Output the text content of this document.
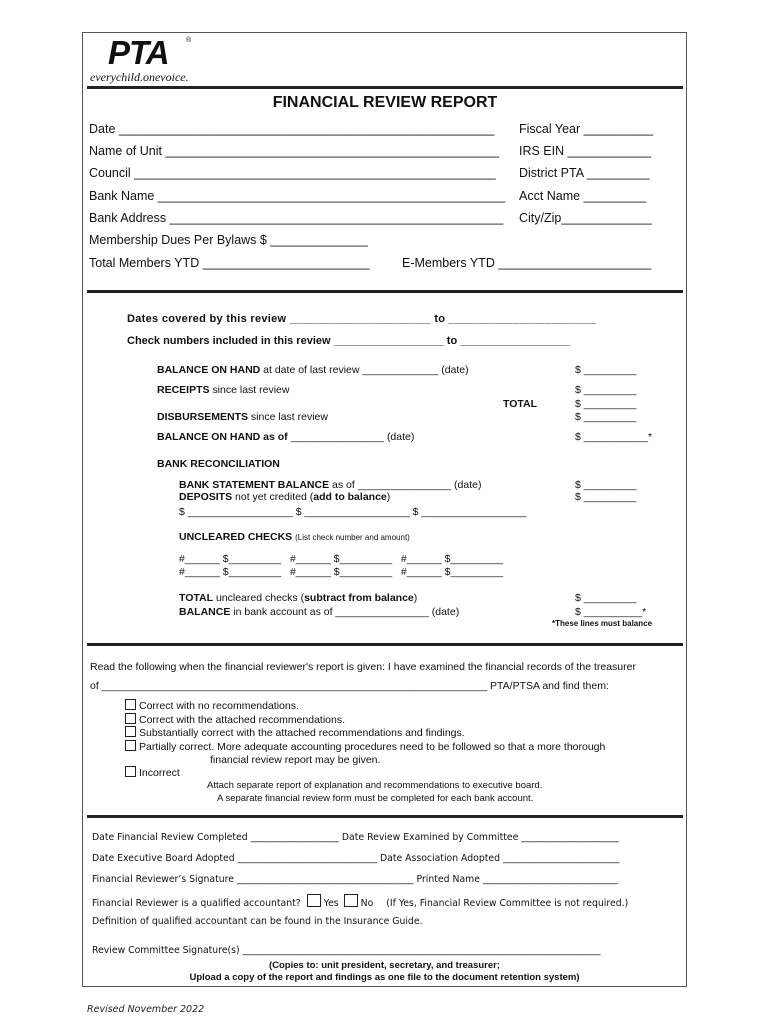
PTA ®
everychild.onevoice.
FINANCIAL REVIEW REPORT
Date ______________________________________________________ Fiscal Year __________
Name of Unit ________________________________________________ IRS EIN ____________
Council ____________________________________________________ District PTA _________
Bank Name __________________________________________________ Acct Name _________
Bank Address ________________________________________________ City/Zip_____________
Membership Dues Per Bylaws $ ______________
Total Members YTD ________________________	E-Members YTD ______________________
Dates covered by this review ______________________ to _______________________
Check numbers included in this review __________________ to __________________
BALANCE ON HAND at date of last review _____________ (date)	$ _________
RECEIPTS since last review	$ _________
TOTAL	$ _________
DISBURSEMENTS since last review	$ _________
BALANCE ON HAND as of ________________ (date)	$ ___________*
BANK RECONCILIATION
BANK STATEMENT BALANCE as of ________________ (date)	$ _________
DEPOSITS not yet credited (add to balance)	$ _________
$ __________________ $ __________________ $ __________________
UNCLEARED CHECKS (List check number and amount)
#______ $_________   #______ $_________   #______ $_________
#______ $_________   #______ $_________   #______ $_________
TOTAL uncleared checks (subtract from balance)	$ _________
BALANCE in bank account as of ________________ (date)	$ __________*
*These lines must balance
Read the following when the financial reviewer's report is given: I have examined the financial records of the treasurer
of __________________________________________________________________ PTA/PTSA and find them:
Correct with no recommendations.
Correct with the attached recommendations.
Substantially correct with the attached recommendations and findings.
Partially correct. More adequate accounting procedures need to be followed so that a more thorough
financial review report may be given.
Incorrect
Attach separate report of explanation and recommendations to executive board.
A separate financial review form must be completed for each bank account.
Date Financial Review Completed ___________________ Date Review Examined by Committee _____________________
Date Executive Board Adopted ______________________________ Date Association Adopted _________________________
Financial Reviewer’s Signature ______________________________________ Printed Name _____________________________
Financial Reviewer is a qualified accountant? Yes No (If Yes, Financial Review Committee is not required.)
Definition of qualified accountant can be found in the Insurance Guide.
Review Committee Signature(s) _____________________________________________________________________________
(Copies to: unit president, secretary, and treasurer;
Upload a copy of the report and findings as one file to the document retention system)
Revised November 2022
